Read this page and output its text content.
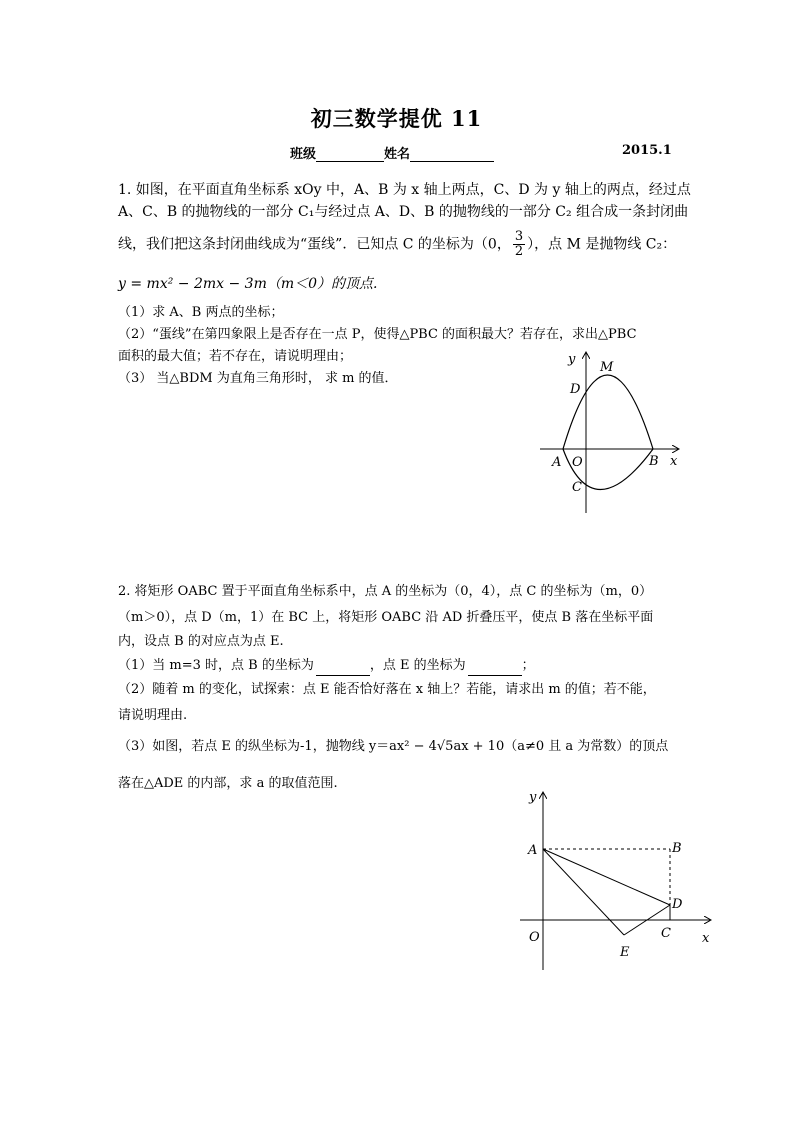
初三数学提优 11
班级	姓名	2015.1
1. 如图，在平面直角坐标系 xOy 中，A、B 为 x 轴上两点，C、D 为 y 轴上的两点，经过点
A、C、B 的抛物线的一部分 C₁与经过点 A、D、B 的抛物线的一部分 C₂ 组合成一条封闭曲
线，我们把这条封闭曲线成为“蛋线”．已知点 C 的坐标为（0， $\frac{3}{2}$ ），点 M 是抛物线 C₂：
y = mx² − 2mx − 3m（m＜0）的顶点.
（1）求 A、B 两点的坐标；
（2）“蛋线”在第四象限上是否存在一点 P，使得△PBC 的面积最大？若存在，求出△PBC
面积的最大值；若不存在，请说明理由；
（3） 当△BDM 为直角三角形时， 求 m 的值．
y
M
D
A O	B x
C
2. 将矩形 OABC 置于平面直角坐标系中，点 A 的坐标为（0，4），点 C 的坐标为（m，0）
（m＞0），点 D（m，1）在 BC 上，将矩形 OABC 沿 AD 折叠压平，使点 B 落在坐标平面
内，设点 B 的对应点为点 E.
（1）当 m=3 时，点 B 的坐标为	，点 E 的坐标为	；
（2）随着 m 的变化，试探索：点 E 能否恰好落在 x 轴上？若能，请求出 m 的值；若不能，
请说明理由.
（3）如图，若点 E 的纵坐标为-1，抛物线 y＝ax² − 4√5ax + 10（a≠0 且 a 为常数）的顶点
落在△ADE 的内部，求 a 的取值范围.
y
A	B
D
O	C x
E
